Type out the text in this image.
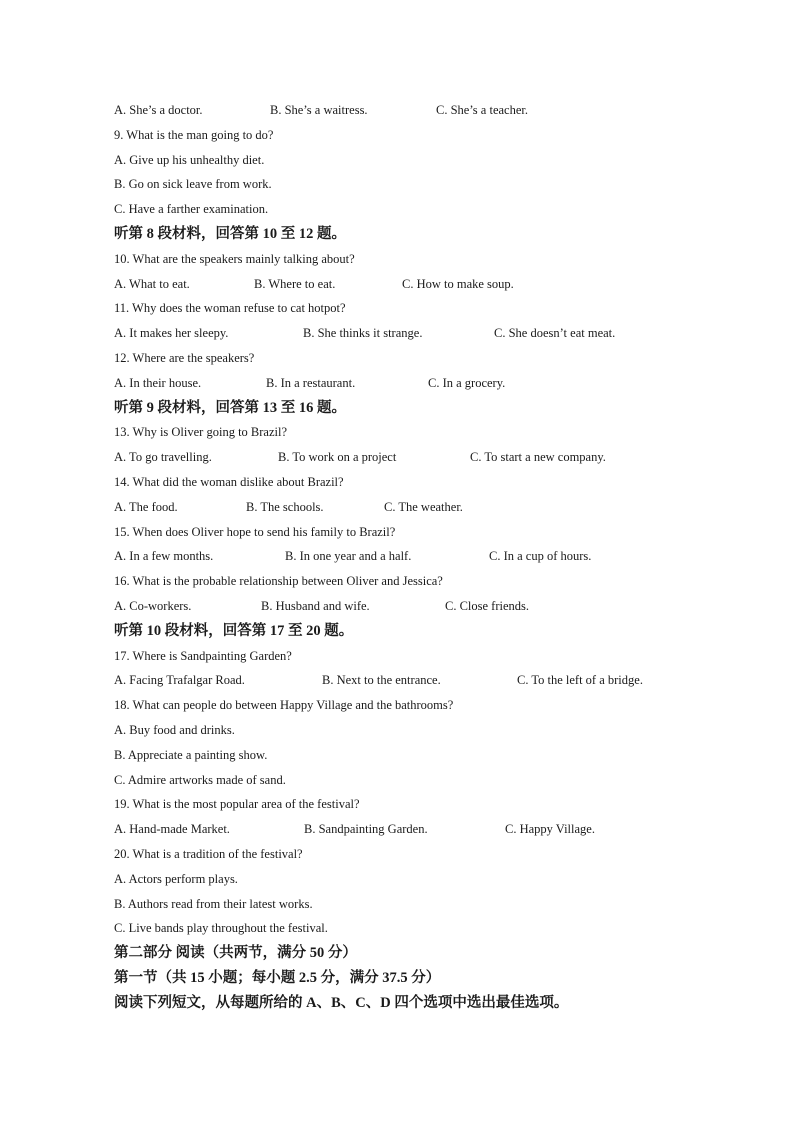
A. She’s a doctor.	B. She’s a waitress.	C. She’s a teacher.
9. What is the man going to do?
A. Give up his unhealthy diet.
B. Go on sick leave from work.
C. Have a farther examination.
听第 8 段材料，回答第 10 至 12 题。
10. What are the speakers mainly talking about?
A. What to eat.	B. Where to eat.	C. How to make soup.
11. Why does the woman refuse to cat hotpot?
A. It makes her sleepy.	B. She thinks it strange.	C. She doesn’t eat meat.
12. Where are the speakers?
A. In their house.	B. In a restaurant.	C. In a grocery.
听第 9 段材料，回答第 13 至 16 题。
13. Why is Oliver going to Brazil?
A. To go travelling.	B. To work on a project	C. To start a new company.
14. What did the woman dislike about Brazil?
A. The food.	B. The schools.	C. The weather.
15. When does Oliver hope to send his family to Brazil?
A. In a few months.	B. In one year and a half.	C. In a cup of hours.
16. What is the probable relationship between Oliver and Jessica?
A. Co-workers.	B. Husband and wife.	C. Close friends.
听第 10 段材料，回答第 17 至 20 题。
17. Where is Sandpainting Garden?
A. Facing Trafalgar Road.	B. Next to the entrance.	C. To the left of a bridge.
18. What can people do between Happy Village and the bathrooms?
A. Buy food and drinks.
B. Appreciate a painting show.
C. Admire artworks made of sand.
19. What is the most popular area of the festival?
A. Hand-made Market.	B. Sandpainting Garden.	C. Happy Village.
20. What is a tradition of the festival?
A. Actors perform plays.
B. Authors read from their latest works.
C. Live bands play throughout the festival.
第二部分 阅读（共两节，满分 50 分）
第一节（共 15 小题；每小题 2.5 分，满分 37.5 分）
阅读下列短文，从每题所给的 A、B、C、D 四个选项中选出最佳选项。
